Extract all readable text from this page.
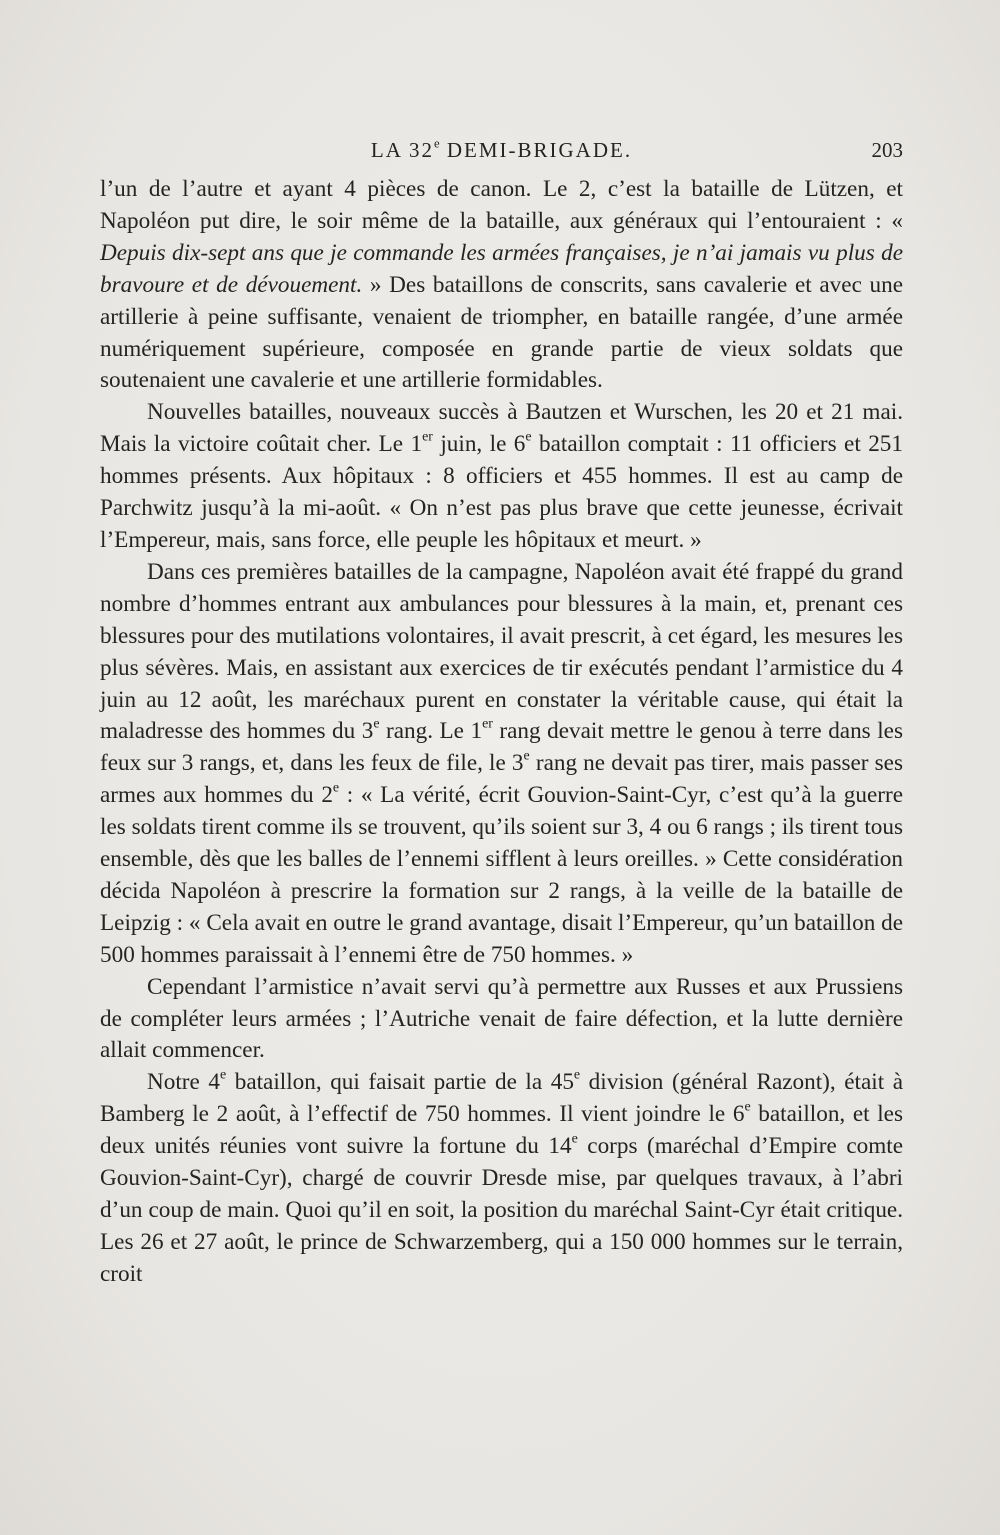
LA 32e DEMI-BRIGADE.	203

l’un de l’autre et ayant 4 pièces de canon. Le 2, c’est la bataille de Lützen, et Napoléon put dire, le soir même de la bataille, aux généraux qui l’entouraient : « Depuis dix-sept ans que je commande les armées françaises, je n’ai jamais vu plus de bravoure et de dévouement. » Des bataillons de conscrits, sans cavalerie et avec une artillerie à peine suffisante, venaient de triompher, en bataille rangée, d’une armée numériquement supérieure, composée en grande partie de vieux soldats que soutenaient une cavalerie et une artillerie formidables.

Nouvelles batailles, nouveaux succès à Bautzen et Wurschen, les 20 et 21 mai. Mais la victoire coûtait cher. Le 1er juin, le 6e bataillon comptait : 11 officiers et 251 hommes présents. Aux hôpitaux : 8 officiers et 455 hommes. Il est au camp de Parchwitz jusqu’à la mi-août. « On n’est pas plus brave que cette jeunesse, écrivait l’Empereur, mais, sans force, elle peuple les hôpitaux et meurt. »

Dans ces premières batailles de la campagne, Napoléon avait été frappé du grand nombre d’hommes entrant aux ambulances pour blessures à la main, et, prenant ces blessures pour des mutilations volontaires, il avait prescrit, à cet égard, les mesures les plus sévères. Mais, en assistant aux exercices de tir exécutés pendant l’armistice du 4 juin au 12 août, les maréchaux purent en constater la véritable cause, qui était la maladresse des hommes du 3e rang. Le 1er rang devait mettre le genou à terre dans les feux sur 3 rangs, et, dans les feux de file, le 3e rang ne devait pas tirer, mais passer ses armes aux hommes du 2e : « La vérité, écrit Gouvion-Saint-Cyr, c’est qu’à la guerre les soldats tirent comme ils se trouvent, qu’ils soient sur 3, 4 ou 6 rangs ; ils tirent tous ensemble, dès que les balles de l’ennemi sifflent à leurs oreilles. » Cette considération décida Napoléon à prescrire la formation sur 2 rangs, à la veille de la bataille de Leipzig : « Cela avait en outre le grand avantage, disait l’Empereur, qu’un bataillon de 500 hommes paraissait à l’ennemi être de 750 hommes. »

Cependant l’armistice n’avait servi qu’à permettre aux Russes et aux Prussiens de compléter leurs armées ; l’Autriche venait de faire défection, et la lutte dernière allait commencer.

Notre 4e bataillon, qui faisait partie de la 45e division (général Razont), était à Bamberg le 2 août, à l’effectif de 750 hommes. Il vient joindre le 6e bataillon, et les deux unités réunies vont suivre la fortune du 14e corps (maréchal d’Empire comte Gouvion-Saint-Cyr), chargé de couvrir Dresde mise, par quelques travaux, à l’abri d’un coup de main. Quoi qu’il en soit, la position du maréchal Saint-Cyr était critique. Les 26 et 27 août, le prince de Schwarzemberg, qui a 150 000 hommes sur le terrain, croit
